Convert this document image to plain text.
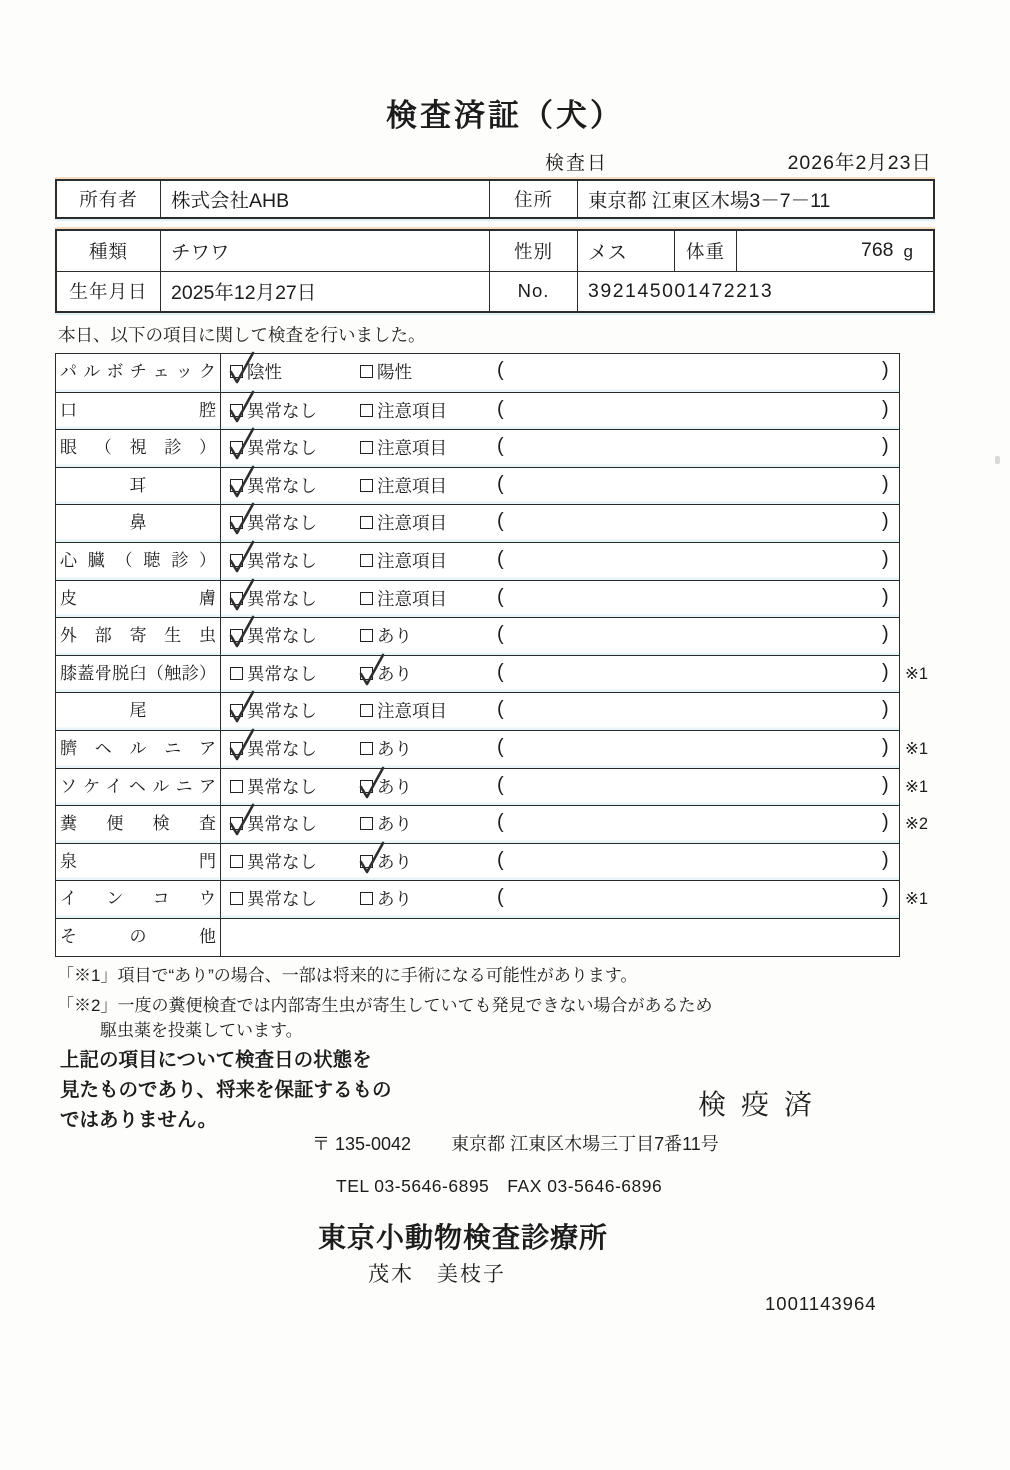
検査済証（犬）
検査日	2026年2月23日
所有者	株式会社AHB	住所	東京都 江東区木場3－7－11
種類	チワワ	性別	メス	体重	768 g
生年月日	2025年12月27日	No.	392145001472213
本日、以下の項目に関して検査を行いました。
パルボチェック 陰性	陽性	(	)
口腔 異常なし	注意項目	(	)
眼（視診） 異常なし	注意項目	(	)
耳	異常なし	注意項目	(	)
鼻	異常なし	注意項目	(	)
心臓（聴診） 異常なし	注意項目	(	)
皮膚 異常なし	注意項目	(	)
外部寄生虫 異常なし	あり	(	)
膝蓋骨脱臼（触診） 異常なし	あり	(	) ※1
尾	異常なし	注意項目	(	)
臍ヘルニア 異常なし	あり	(	) ※1
ソケイヘルニア 異常なし	あり	(	) ※1
糞便検査 異常なし	あり	(	) ※2
泉門 異常なし	あり	(	)
インコウ 異常なし	あり	(	) ※1
その他
「※1」項目で“あり”の場合、一部は将来的に手術になる可能性があります。
「※2」一度の糞便検査では内部寄生虫が寄生していても発見できない場合があるため
駆虫薬を投薬しています。
上記の項目について検査日の状態を
見たものであり、将来を保証するもの
ではありません。	検疫済
〒 135-0042 東京都 江東区木場三丁目7番11号
TEL 03-5646-6895 FAX 03-5646-6896
東京小動物検査診療所
茂木　美枝子
1001143964
